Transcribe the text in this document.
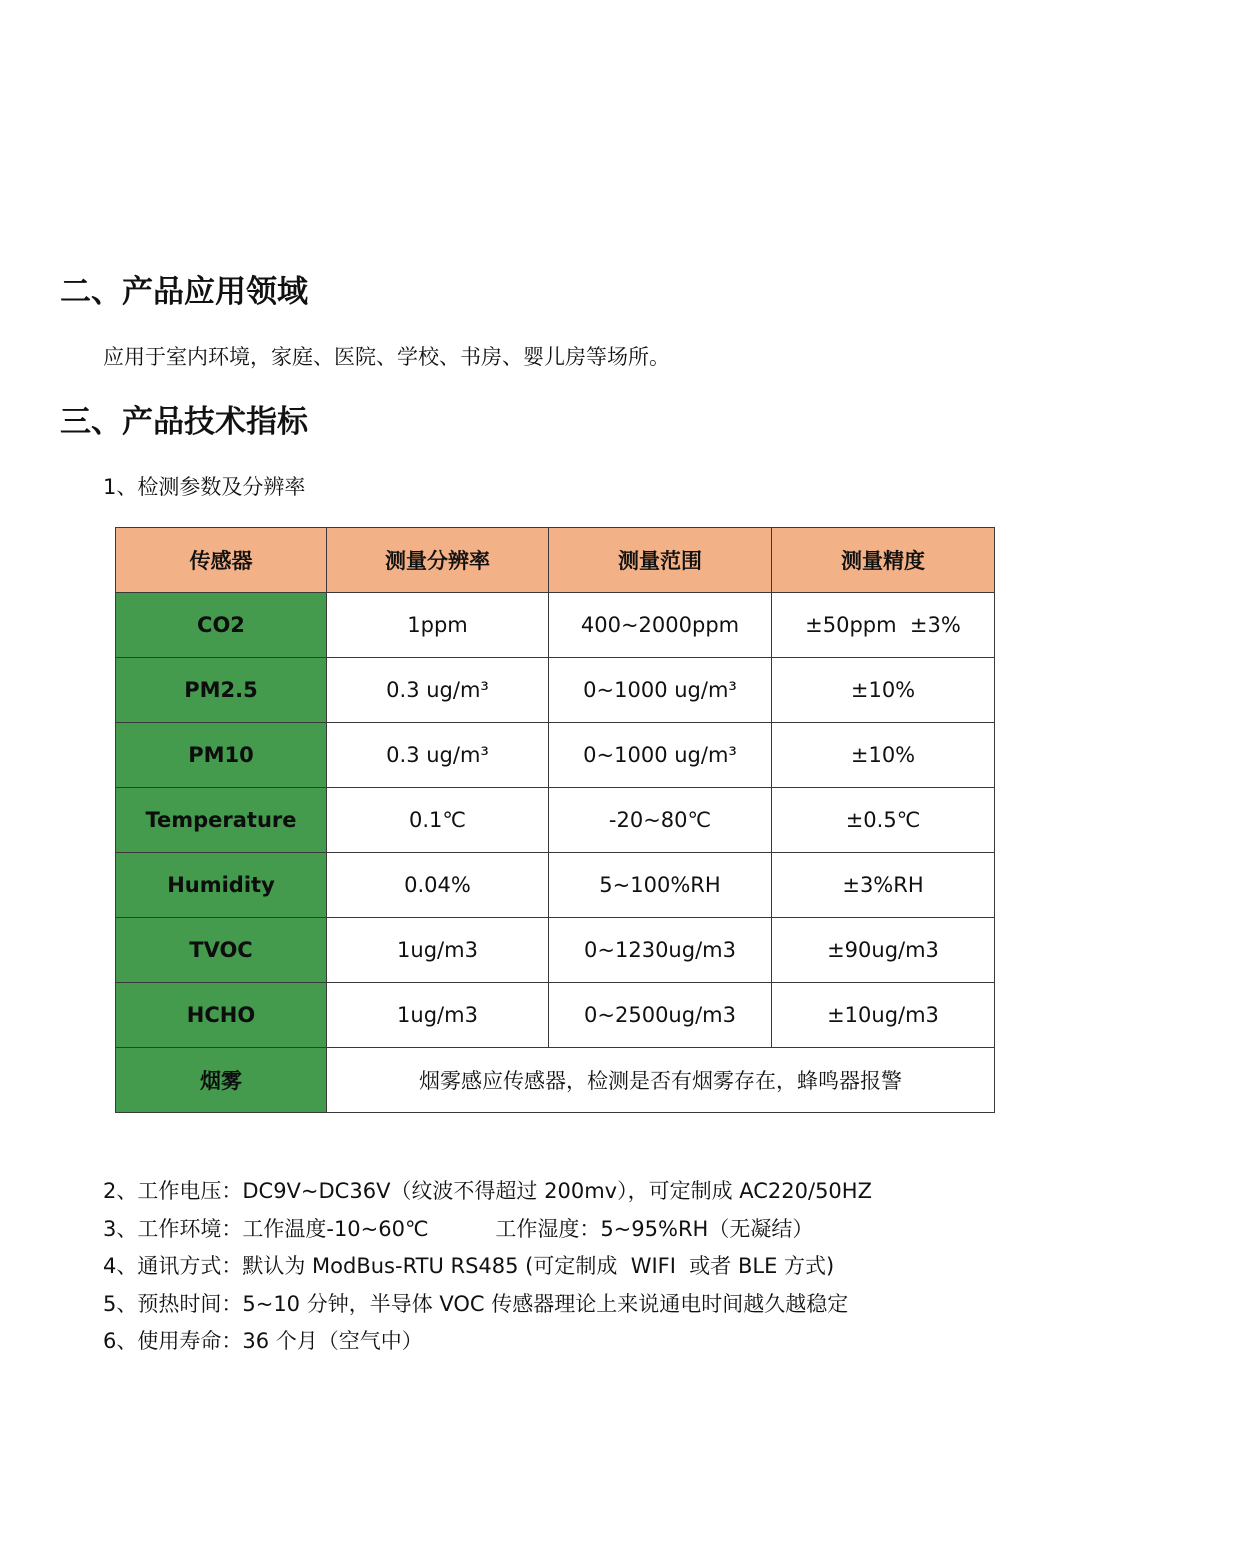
二、产品应用领域

应用于室内环境，家庭、医院、学校、书房、婴儿房等场所。

三、产品技术指标

1、检测参数及分辨率

传感器	测量分辨率	测量范围	测量精度
CO2	1ppm	400~2000ppm	±50ppm  ±3%
PM2.5	0.3 ug/m³	0~1000 ug/m³	±10%
PM10	0.3 ug/m³	0~1000 ug/m³	±10%
Temperature	0.1℃	-20~80℃	±0.5℃
Humidity	0.04%	5~100%RH	±3%RH
TVOC	1ug/m3	0~1230ug/m3	±90ug/m3
HCHO	1ug/m3	0~2500ug/m3	±10ug/m3
烟雾	烟雾感应传感器，检测是否有烟雾存在，蜂鸣器报警		
2、工作电压：DC9V~DC36V（纹波不得超过 200mv），可定制成 AC220/50HZ
3、工作环境：工作温度-10~60℃          工作湿度：5~95%RH（无凝结）
4、通讯方式：默认为 ModBus-RTU RS485 (可定制成  WIFI  或者 BLE 方式)
5、预热时间：5~10 分钟，半导体 VOC 传感器理论上来说通电时间越久越稳定
6、使用寿命：36 个月（空气中）
